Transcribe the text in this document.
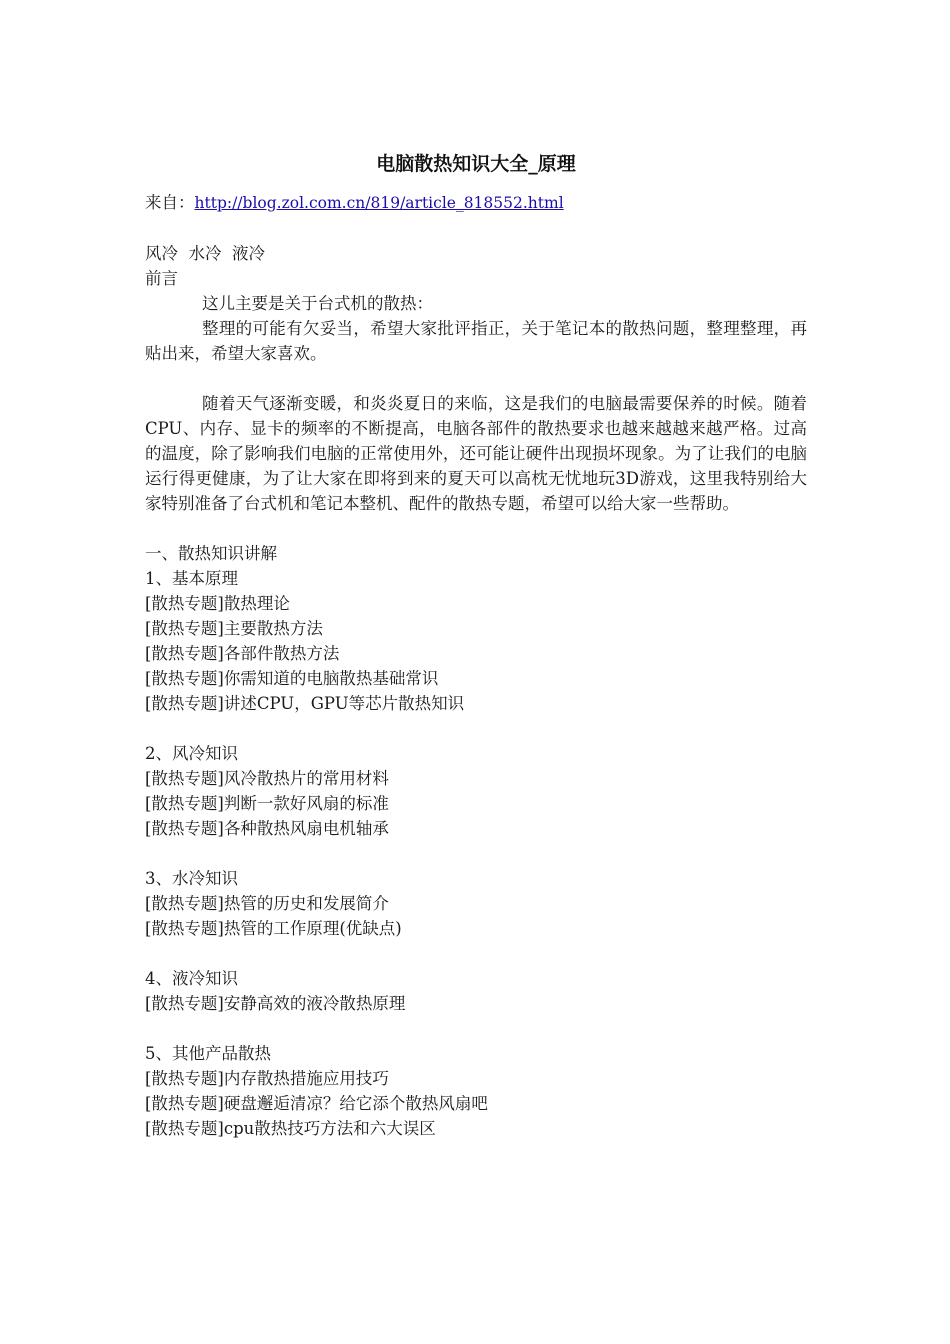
电脑散热知识大全_原理
来自：http://blog.zol.com.cn/819/article_818552.html
风冷  水冷  液冷
前言
这儿主要是关于台式机的散热：
整理的可能有欠妥当，希望大家批评指正，关于笔记本的散热问题，整理整理，再贴出来，希望大家喜欢。
随着天气逐渐变暖，和炎炎夏日的来临，这是我们的电脑最需要保养的时候。随着CPU、内存、显卡的频率的不断提高，电脑各部件的散热要求也越来越越来越严格。过高的温度，除了影响我们电脑的正常使用外，还可能让硬件出现损坏现象。为了让我们的电脑运行得更健康，为了让大家在即将到来的夏天可以高枕无忧地玩3D游戏，这里我特别给大家特别准备了台式机和笔记本整机、配件的散热专题，希望可以给大家一些帮助。
一、散热知识讲解
1、基本原理
[散热专题]散热理论
[散热专题]主要散热方法
[散热专题]各部件散热方法
[散热专题]你需知道的电脑散热基础常识
[散热专题]讲述CPU，GPU等芯片散热知识
2、风冷知识
[散热专题]风冷散热片的常用材料
[散热专题]判断一款好风扇的标准
[散热专题]各种散热风扇电机轴承
3、水冷知识
[散热专题]热管的历史和发展简介
[散热专题]热管的工作原理(优缺点)
4、液冷知识
[散热专题]安静高效的液冷散热原理
5、其他产品散热
[散热专题]内存散热措施应用技巧
[散热专题]硬盘邂逅清凉？给它添个散热风扇吧
[散热专题]cpu散热技巧方法和六大误区
